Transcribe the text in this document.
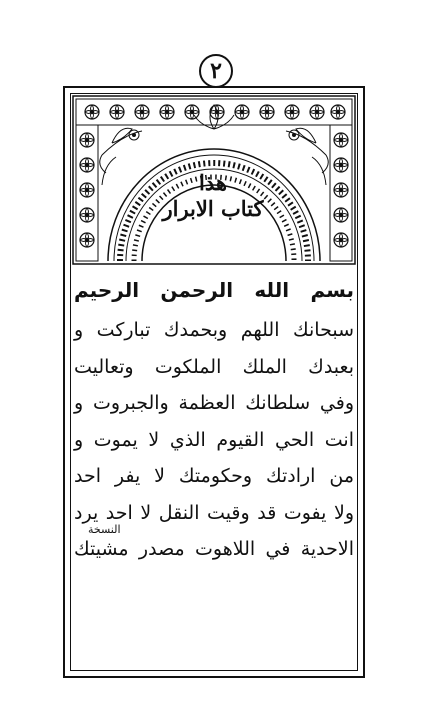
۲
هذا
كتاب الابرار
بسم الله الرحمن الرحيم
سبحانك اللهم وبحمدك تباركت و
بعبدك الملك الملكوت وتعاليت
وفي سلطانك العظمة والجبروت و
انت الحي القيوم الذي لا يموت و
من ارادتك وحكومتك لا يفر احد
ولا يفوت قد وقيت النقل لا احد يرد
الاحدية في اللاهوت مصدر مشيتك
النسخة
